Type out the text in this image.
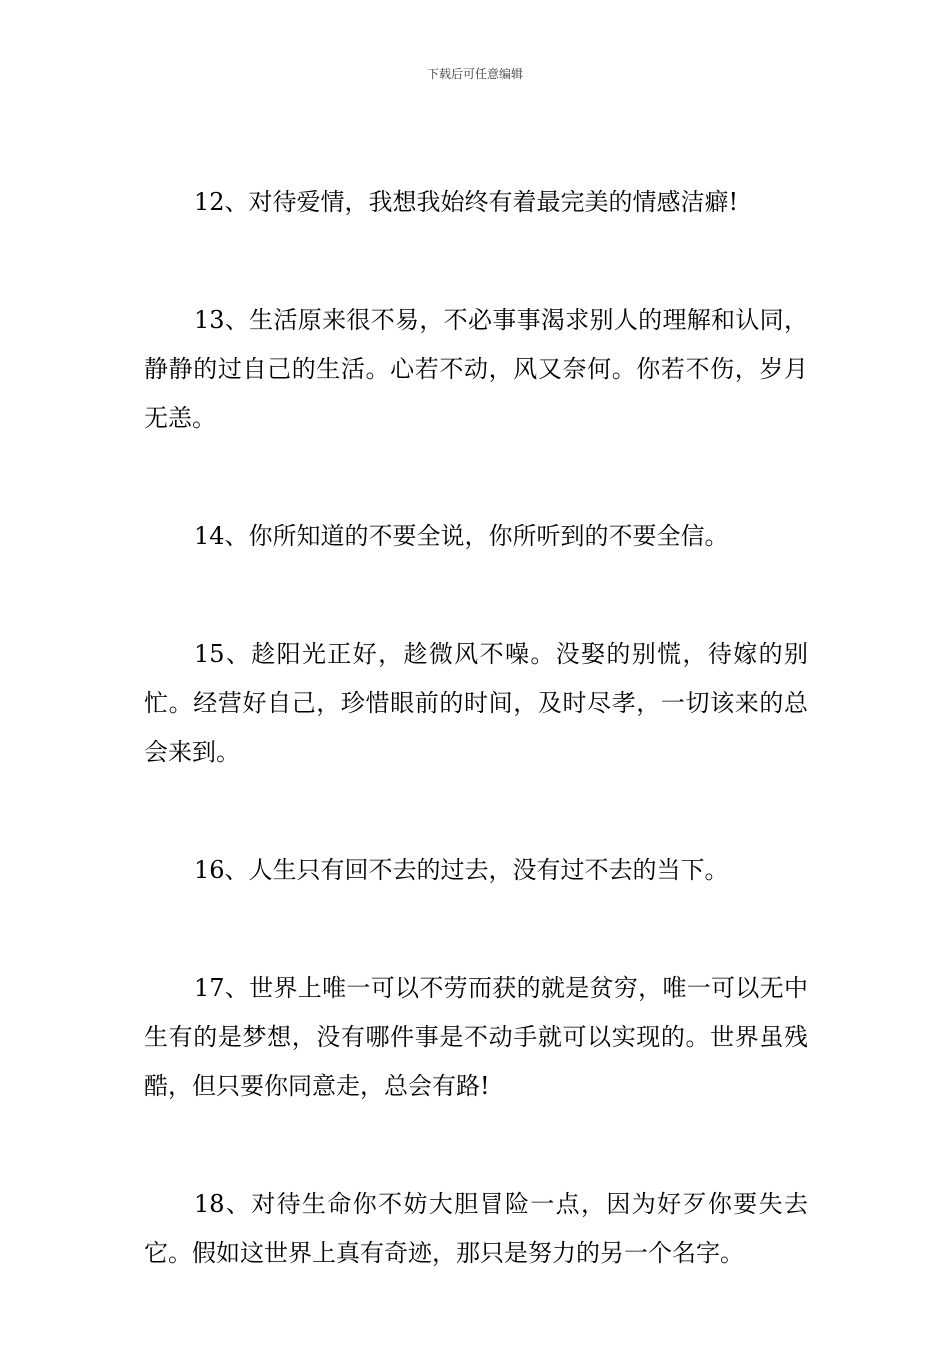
下载后可任意编辑

12、对待爱情，我想我始终有着最完美的情感洁癖!

13、生活原来很不易，不必事事渴求别人的理解和认同，静静的过自己的生活。心若不动，风又奈何。你若不伤，岁月无恙。

14、你所知道的不要全说，你所听到的不要全信。

15、趁阳光正好，趁微风不噪。没娶的别慌，待嫁的别忙。经营好自己，珍惜眼前的时间，及时尽孝，一切该来的总会来到。

16、人生只有回不去的过去，没有过不去的当下。

17、世界上唯一可以不劳而获的就是贫穷，唯一可以无中生有的是梦想，没有哪件事是不动手就可以实现的。世界虽残酷，但只要你同意走，总会有路!

18、对待生命你不妨大胆冒险一点，因为好歹你要失去它。假如这世界上真有奇迹，那只是努力的另一个名字。
